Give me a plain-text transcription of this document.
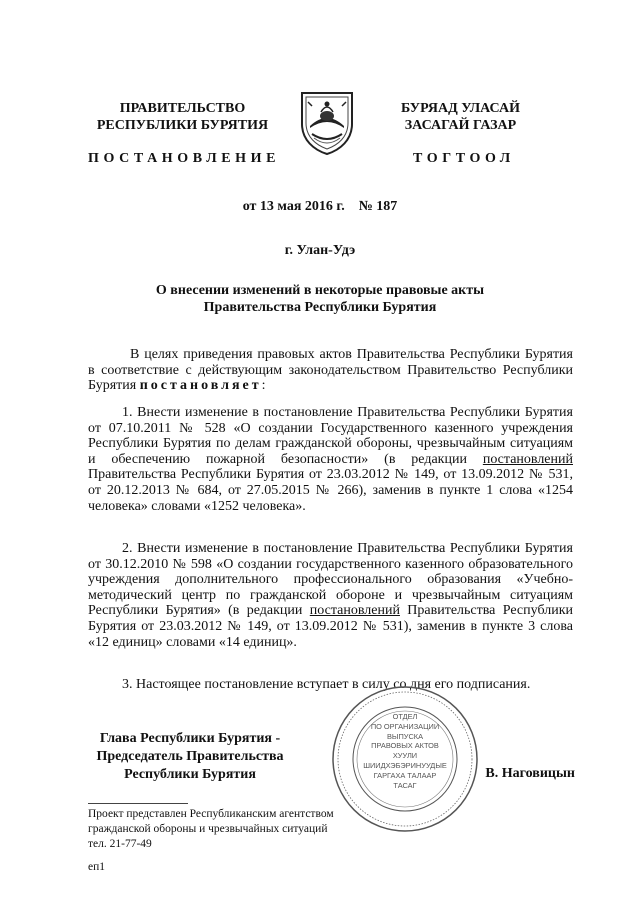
ПРАВИТЕЛЬСТВО
РЕСПУБЛИКИ БУРЯТИЯ
БУРЯАД УЛАСАЙ
ЗАСАГАЙ ГАЗАР
ПОСТАНОВЛЕНИЕ	ТОГТООЛ
от 13 мая 2016 г.    № 187
г. Улан-Удэ
О внесении изменений в некоторые правовые акты
Правительства Республики Бурятия
В целях приведения правовых актов Правительства Республики Бурятия в соответствие с действующим законодательством Правительство Республики Бурятия постановляет:
1. Внести изменение в постановление Правительства Республики Бурятия от 07.10.2011 № 528 «О создании Государственного казенного учреждения Республики Бурятия по делам гражданской обороны, чрезвычайным ситуациям и обеспечению пожарной безопасности» (в редакции постановлений Правительства Республики Бурятия от 23.03.2012 № 149, от 13.09.2012 № 531, от 20.12.2013 № 684, от 27.05.2015 № 266), заменив в пункте 1 слова «1254 человека» словами «1252 человека».
2. Внести изменение в постановление Правительства Республики Бурятия от 30.12.2010 № 598 «О создании государственного казенного образовательного учреждения дополнительного профессионального образования «Учебно-методический центр по гражданской обороне и чрезвычайным ситуациям Республики Бурятия» (в редакции постановлений Правительства Республики Бурятия от 23.03.2012 № 149, от 13.09.2012 № 531), заменив в пункте 3 слова «12 единиц» словами «14 единиц».
3. Настоящее постановление вступает в силу со дня его подписания.
Глава Республики Бурятия -
Председатель Правительства
Республики Бурятия
ОТДЕЛ
ПО ОРГАНИЗАЦИИ
ВЫПУСКА
ПРАВОВЫХ АКТОВ
ХУУЛИ
ШИИДХЭБЭРИНУУДЫЕ
ГАРГАХА ТАЛААР
ТАСАГ
В. Наговицын
Проект представлен Республиканским агентством
гражданской обороны и чрезвычайных ситуаций
тел. 21-77-49
еп1
